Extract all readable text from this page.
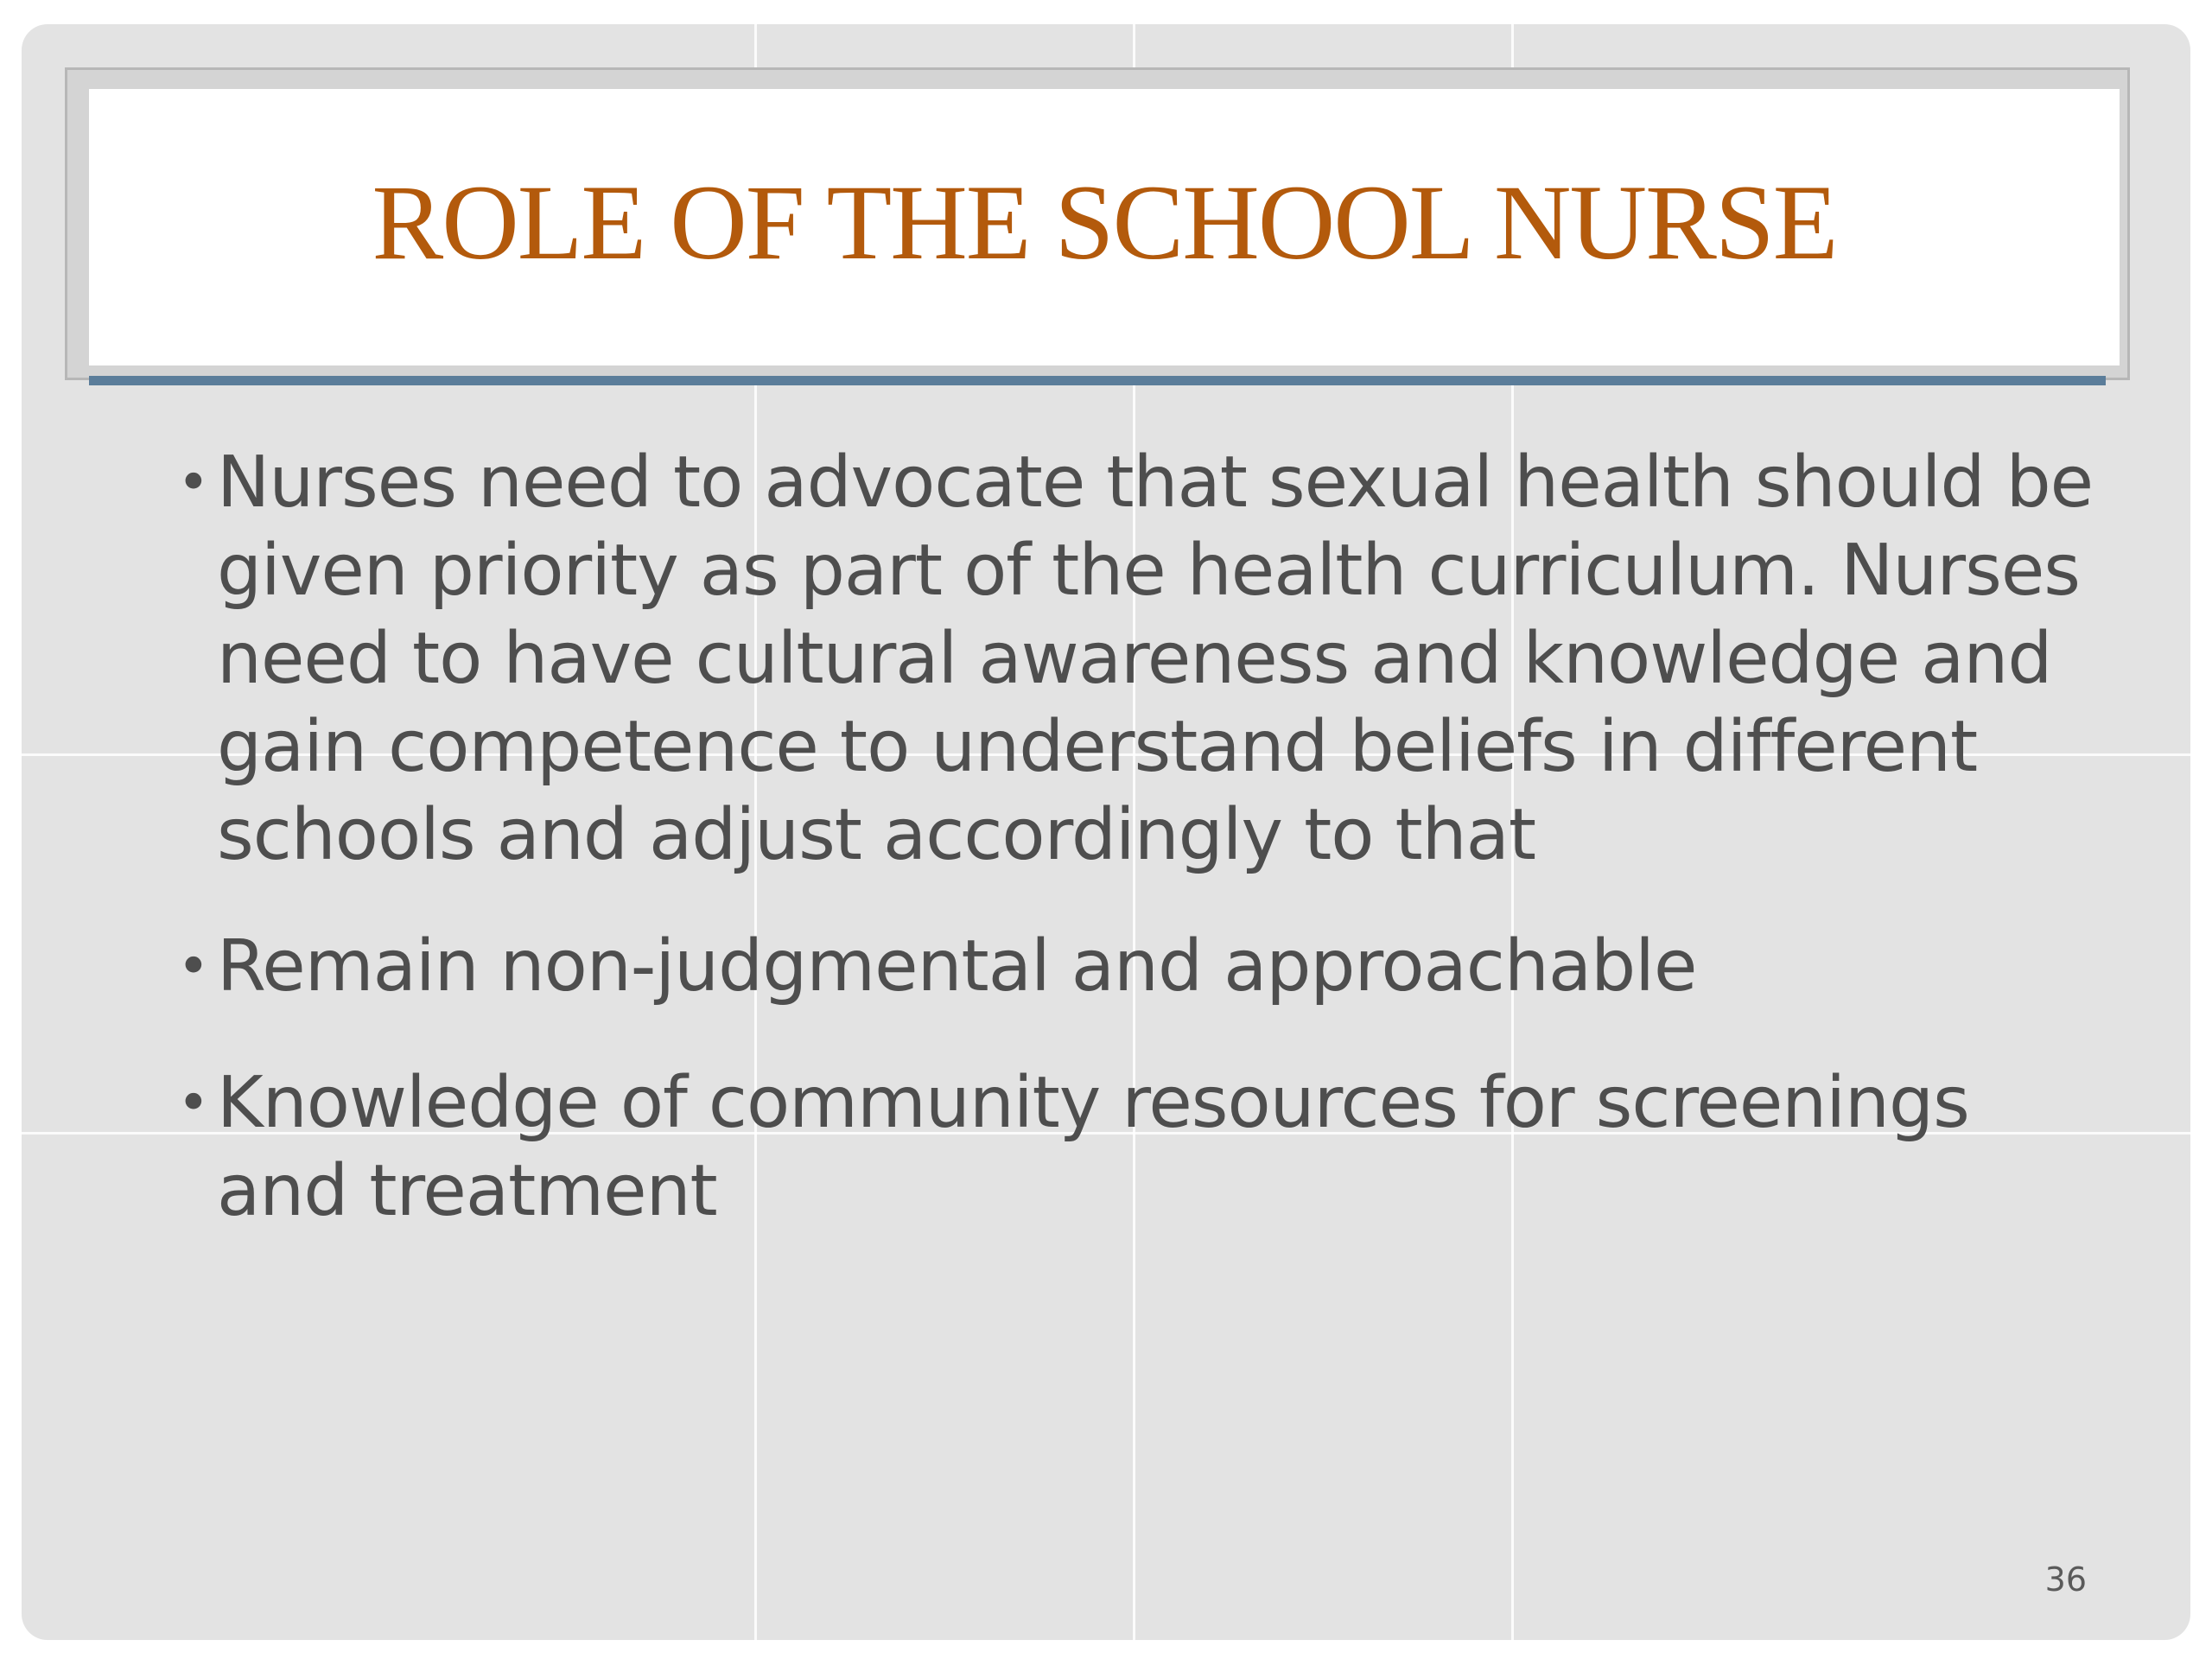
ROLE OF THE SCHOOL NURSE
• Nurses need to advocate that sexual health should be given priority as part of the health curriculum. Nurses need to have cultural awareness and knowledge and gain competence to understand beliefs in different schools and adjust accordingly to that
• Remain non-judgmental and approachable
• Knowledge of community resources for screenings and treatment
36
